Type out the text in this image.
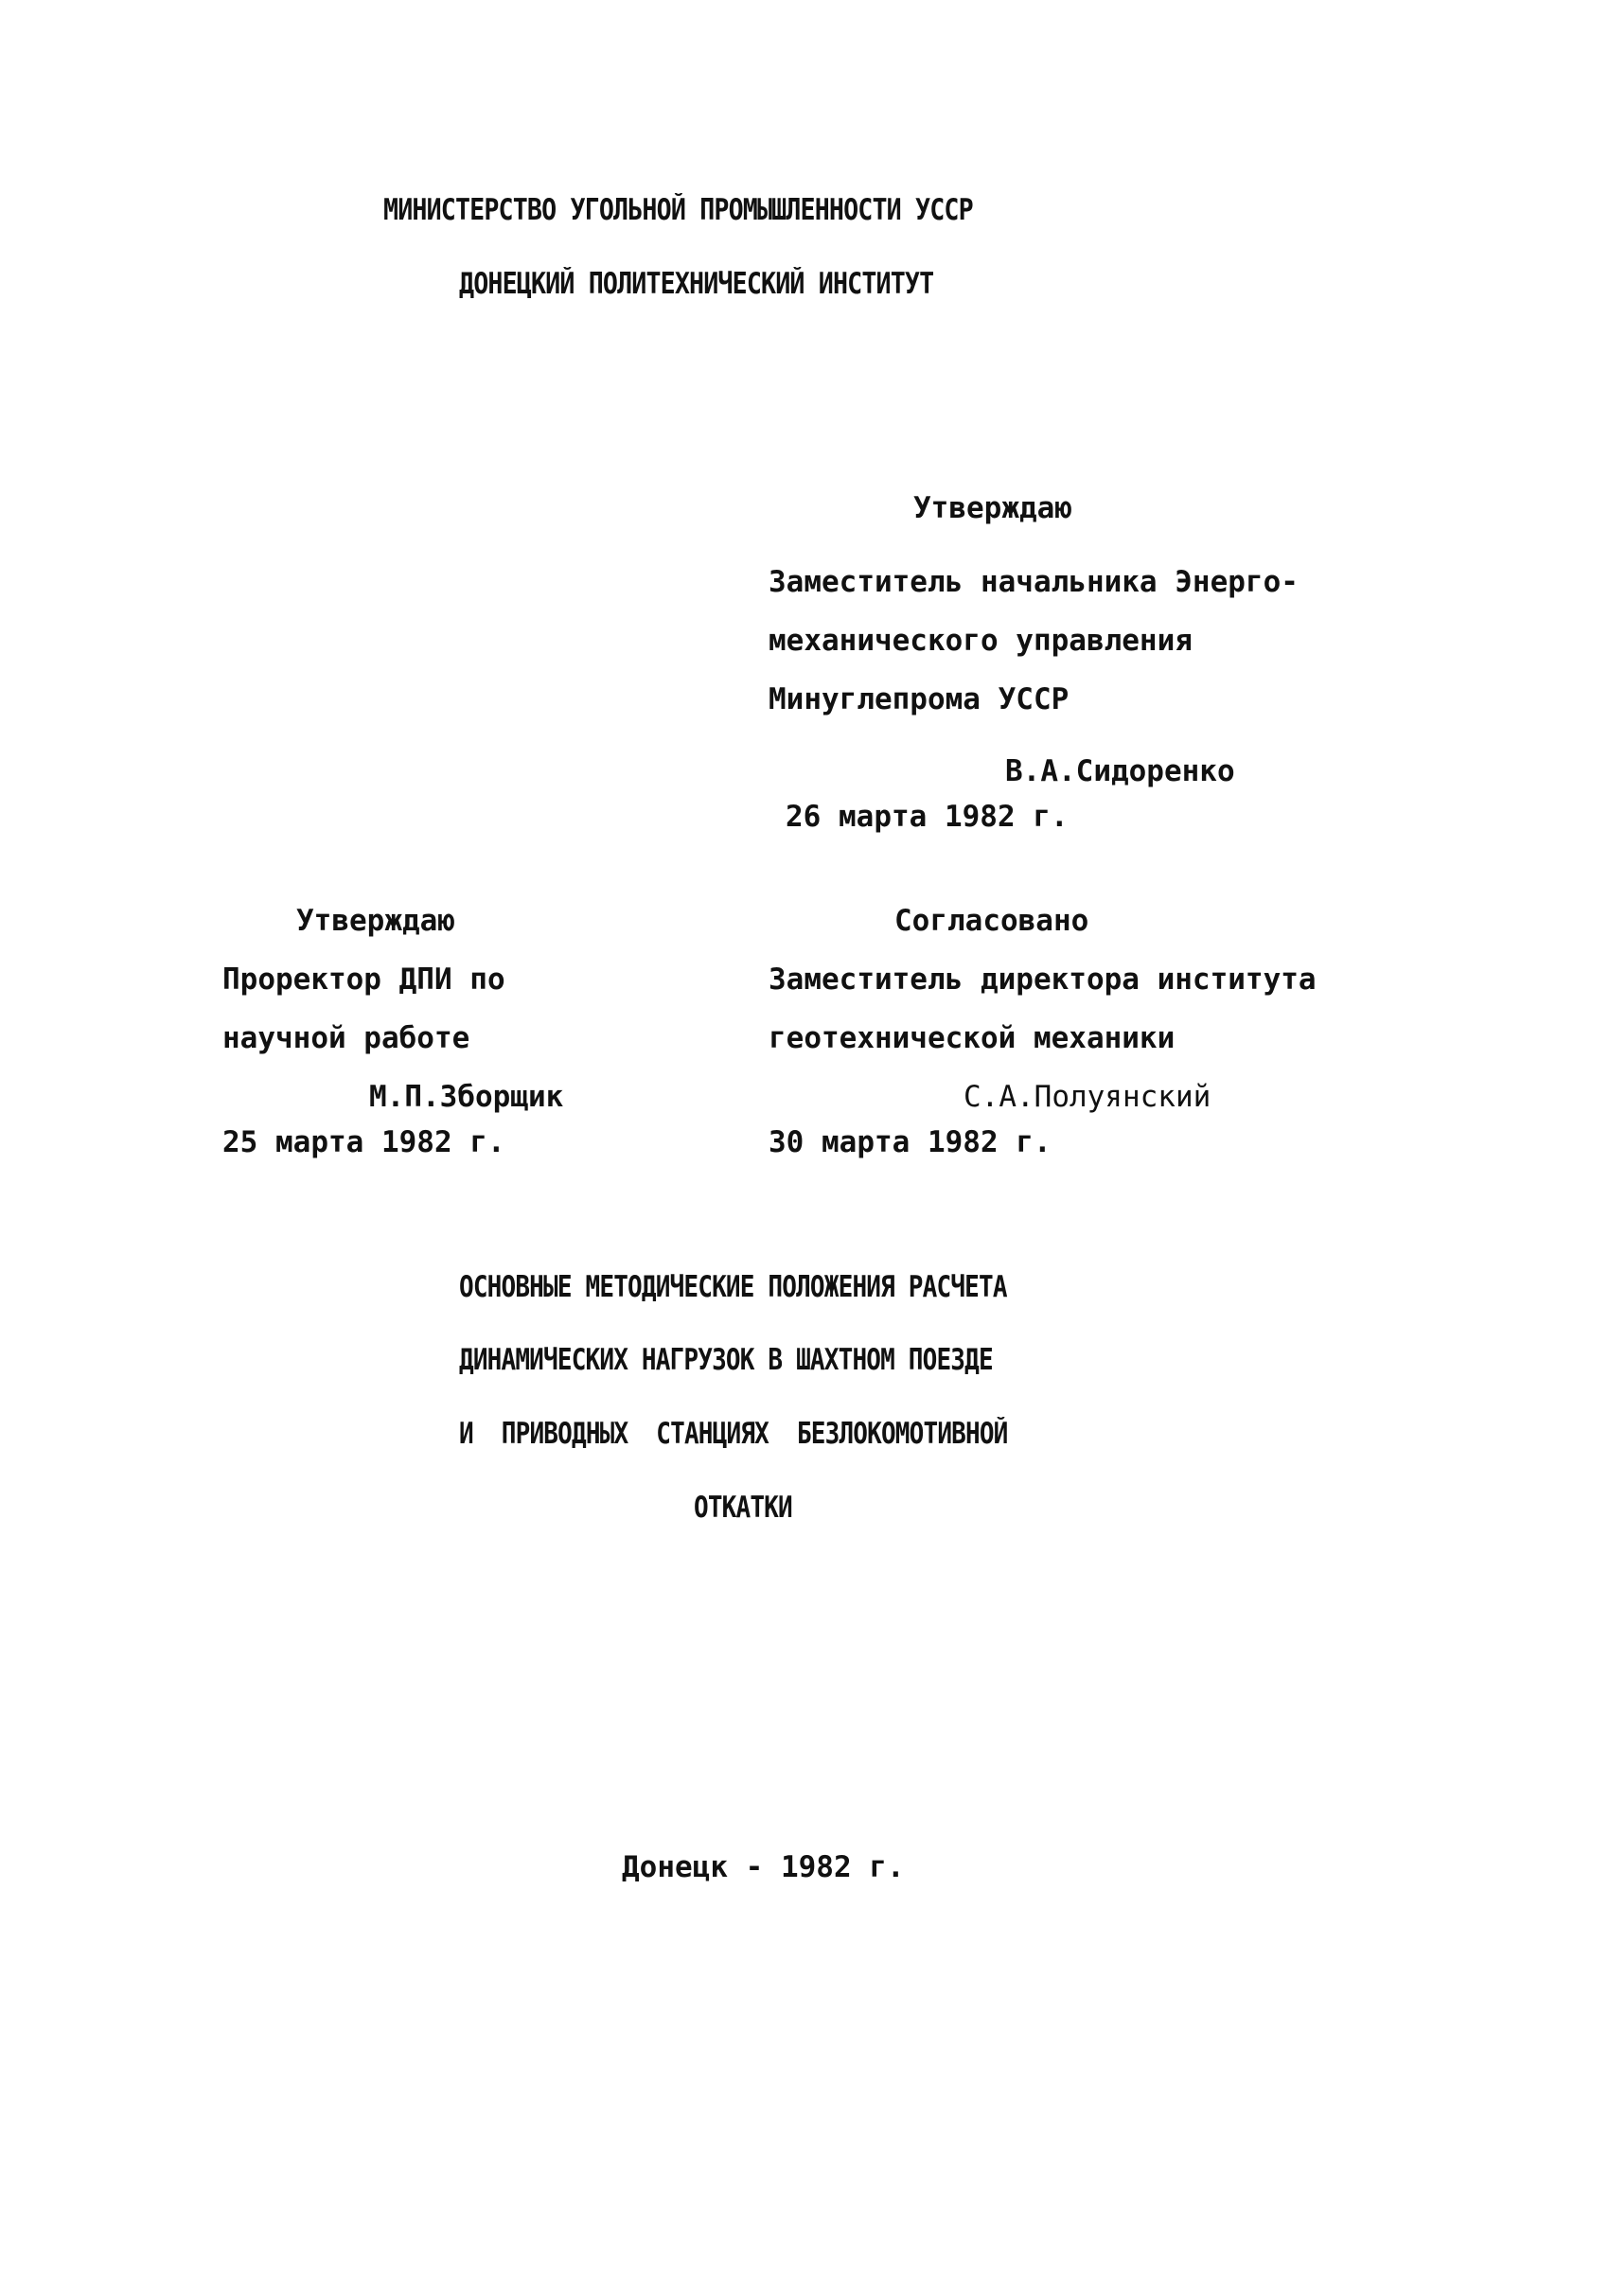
МИНИСТЕРСТВО УГОЛЬНОЙ ПРОМЫШЛЕННОСТИ УССР
ДОНЕЦКИЙ ПОЛИТЕХНИЧЕСКИЙ ИНСТИТУТ
Утверждаю
Заместитель начальника Энерго-
механического управления
Минуглепрома УССР
В.А.Сидоренко
26 марта 1982 г.
Утверждаю
Проректор ДПИ по
научной работе
М.П.Зборщик
25 марта 1982 г.
Согласовано
Заместитель директора института
геотехнической механики
С.А.Полуянский
30 марта 1982 г.
ОСНОВНЫЕ МЕТОДИЧЕСКИЕ ПОЛОЖЕНИЯ РАСЧЕТА
ДИНАМИЧЕСКИХ НАГРУЗОК В ШАХТНОМ ПОЕЗДЕ
И ПРИВОДНЫХ СТАНЦИЯХ БЕЗЛОКОМОТИВНОЙ
ОТКАТКИ
Донецк - 1982 г.
